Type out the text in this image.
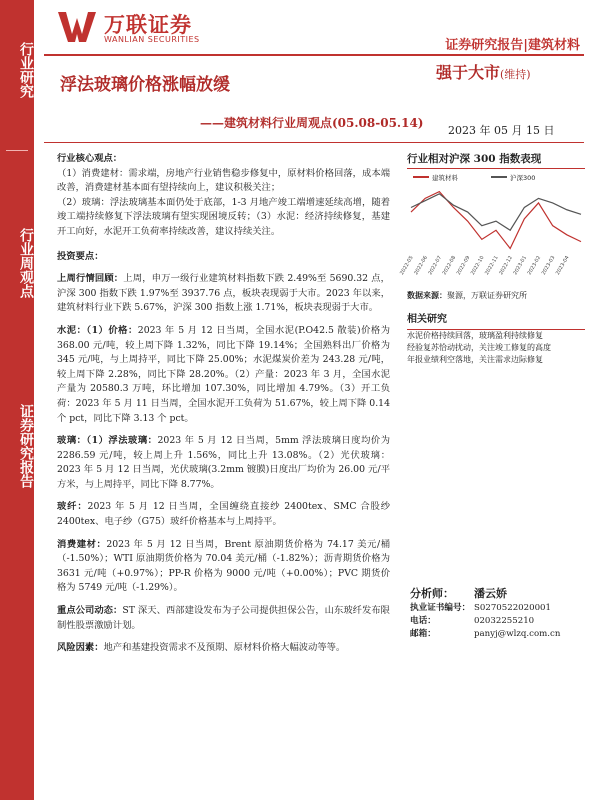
行业研究
行业周观点
证券研究报告
万联证券
WANLIAN SECURITIES	证券研究报告|建筑材料
浮法玻璃价格涨幅放缓
——建筑材料行业周观点(05.08-05.14)
强于大市(维持)
2023 年 05 月 15 日

行业核心观点：

（1）消费建材：需求端，房地产行业销售稳步修复中，原材料价格回落，成本端改善，消费建材基本面有望持续向上，建议积极关注；

（2）玻璃：浮法玻璃基本面仍处于底部，1-3 月地产竣工端增速延续高增，随着竣工端持续修复下浮法玻璃有望实现困境反转；（3）水泥：经济持续修复，基建开工向好，水泥开工负荷率持续改善，建议持续关注。

投资要点：

上周行情回顾：上周，申万一级行业建筑材料指数下跌 2.49%至 5690.32 点，沪深 300 指数下跌 1.97%至 3937.76 点，板块表现弱于大市。2023 年以来，建筑材料行业下跌 5.67%，沪深 300 指数上涨 1.71%，板块表现弱于大市。

水泥：（1）价格：2023 年 5 月 12 日当周，全国水泥(P.O42.5 散装)价格为 368.00 元/吨，较上周下降 1.32%，同比下降 19.14%；全国熟料出厂价格为 345 元/吨，与上周持平，同比下降 25.00%；水泥煤炭价差为 243.28 元/吨，较上周下降 2.28%，同比下降 28.20%。（2）产量：2023 年 3 月，全国水泥产量为 20580.3 万吨，环比增加 107.30%，同比增加 4.79%。（3）开工负荷：2023 年 5 月 11 日当周，全国水泥开工负荷为 51.67%，较上周下降 0.14 个 pct，同比下降 3.13 个 pct。

玻璃：（1）浮法玻璃：2023 年 5 月 12 日当周，5mm 浮法玻璃日度均价为 2286.59 元/吨，较上周上升 1.56%，同比上升 13.08%。（2）光伏玻璃：2023 年 5 月 12 日当周，光伏玻璃(3.2mm 镀膜)日度出厂均价为 26.00 元/平方米，与上周持平，同比下降 8.77%。

玻纤：2023 年 5 月 12 日当周，全国缠绕直接纱 2400tex、SMC 合股纱 2400tex、电子纱（G75）玻纤价格基本与上周持平。

消费建材：2023 年 5 月 12 日当周，Brent 原油期货价格为 74.17 美元/桶（-1.50%）；WTI 原油期货价格为 70.04 美元/桶（-1.82%）；沥青期货价格为 3631 元/吨（+0.97%）；PP-R 价格为 9000 元/吨（+0.00%）；PVC 期货价格为 5749 元/吨（-1.29%）。

重点公司动态：ST 深天、西部建设发布为子公司提供担保公告，山东玻纤发布限制性股票激励计划。

风险因素：地产和基建投资需求不及预期、原材料价格大幅波动等等。

行业相对沪深 300 指数表现
建筑材料	沪深300
2022-05
2022-06
2022-07
2022-08
2022-09
2022-10
2022-11
2022-12
2023-01
2023-02
2023-03
2023-04
数据来源：聚源，万联证券研究所
相关研究

水泥价格持续回落，玻璃盈利持续修复

经验复苏恰动扰动，关注竣工修复的高度

年报业绩利空落地，关注需求边际修复

分析师：	潘云娇
执业证书编号： S0270522020001
电话：	02032255210
邮箱：	panyj@wlzq.com.cn
